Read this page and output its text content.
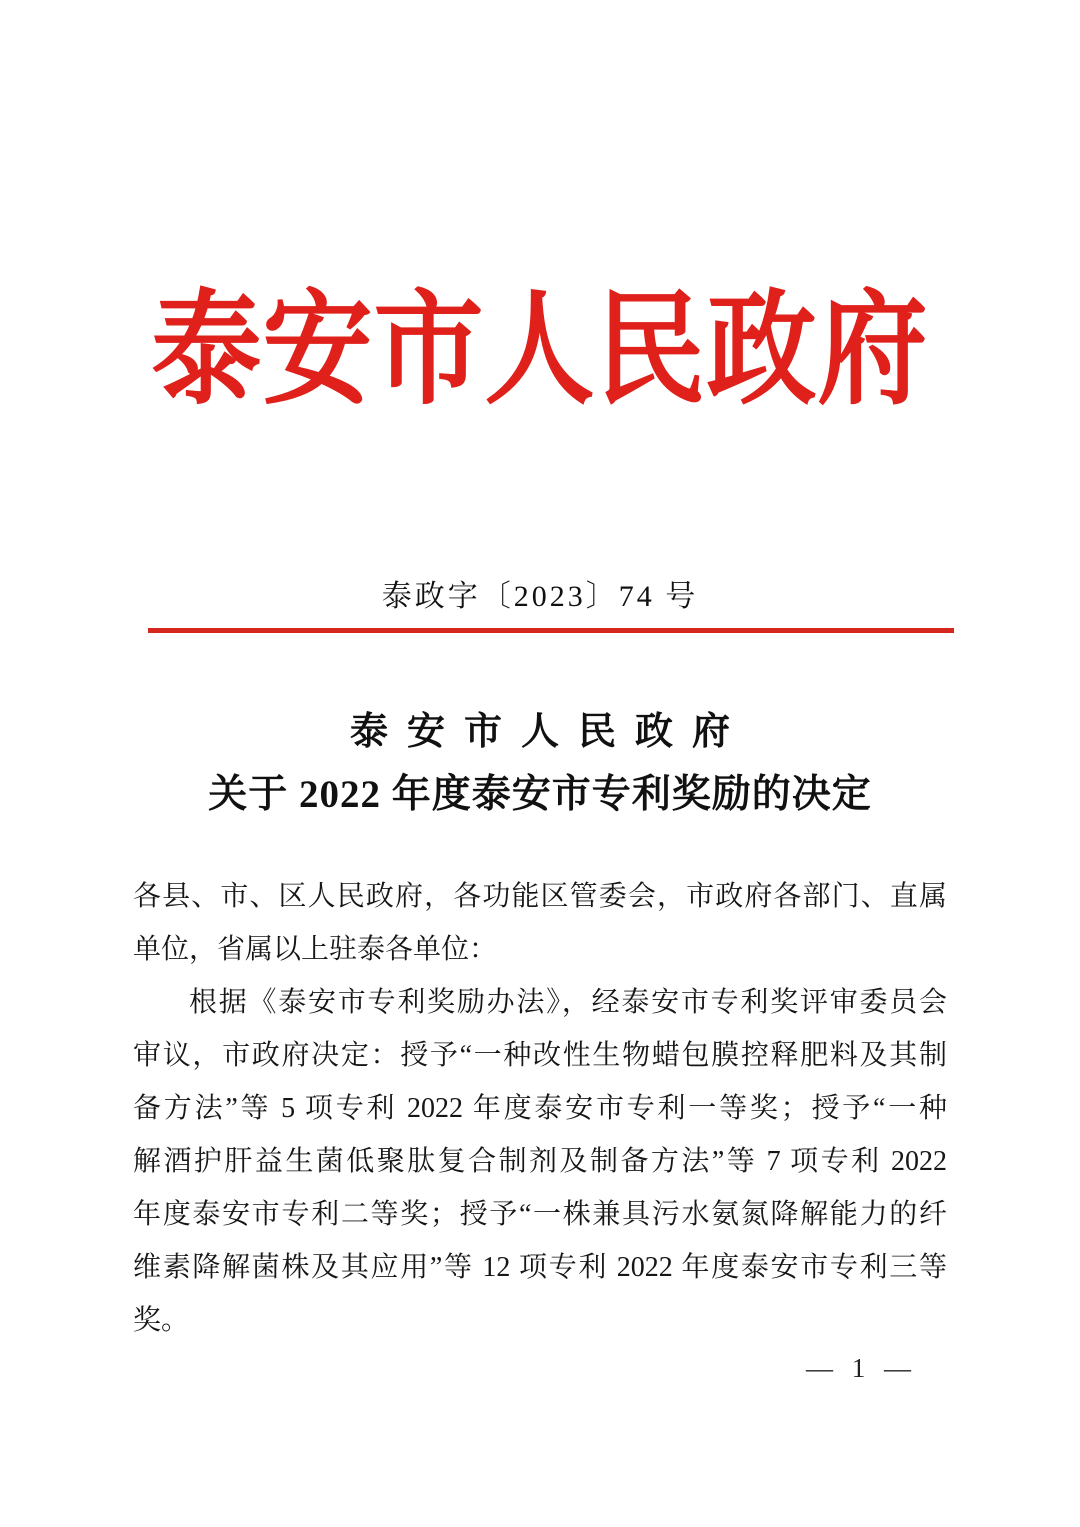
泰安市人民政府
泰政字〔2023〕74 号
泰安市人民政府
关于 2022 年度泰安市专利奖励的决定
各县、市、区人民政府，各功能区管委会，市政府各部门、直属
单位，省属以上驻泰各单位：
根据《泰安市专利奖励办法》，经泰安市专利奖评审委员会
审议，市政府决定：授予“一种改性生物蜡包膜控释肥料及其制
备方法”等 5 项专利 2022 年度泰安市专利一等奖；授予“一种
解酒护肝益生菌低聚肽复合制剂及制备方法”等 7 项专利 2022
年度泰安市专利二等奖；授予“一株兼具污水氨氮降解能力的纤
维素降解菌株及其应用”等 12 项专利 2022 年度泰安市专利三等
奖。
— 1 —
